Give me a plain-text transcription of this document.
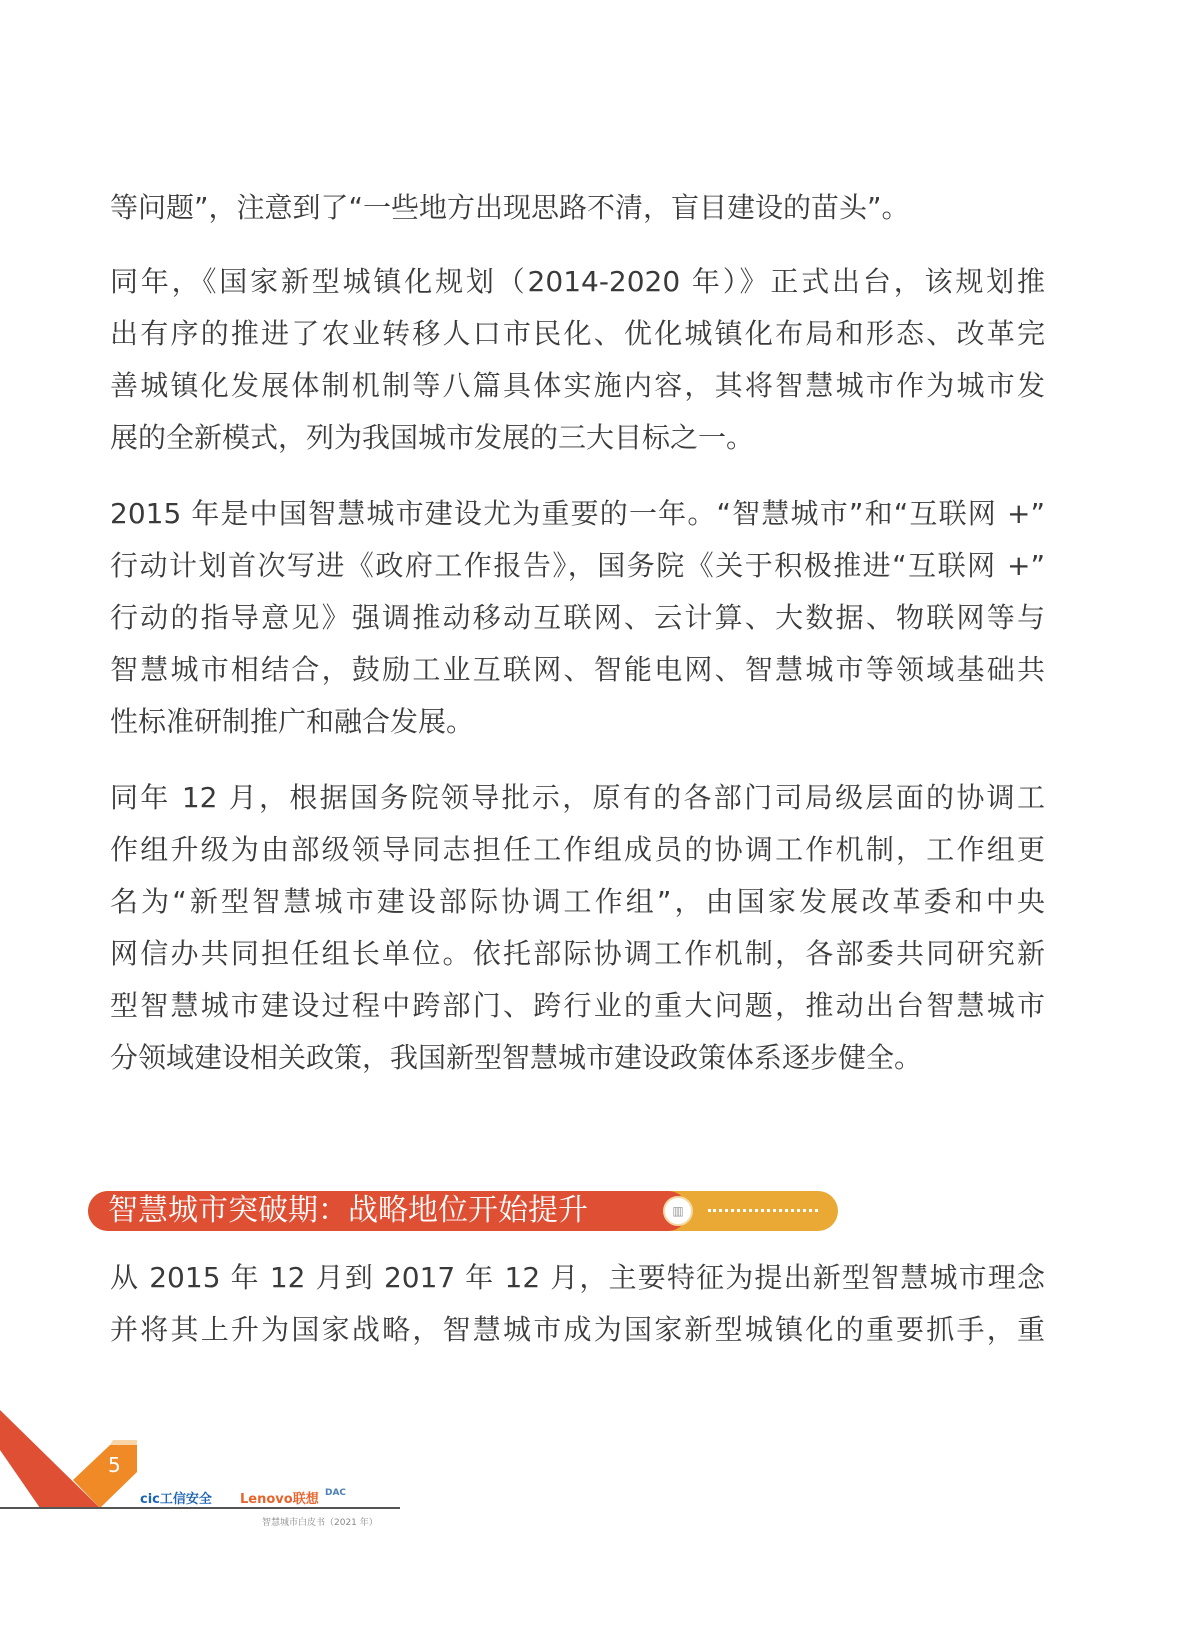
等问题”，注意到了“一些地方出现思路不清，盲目建设的苗头”。
同年，《国家新型城镇化规划（2014-2020 年）》正式出台，该规划推
出有序的推进了农业转移人口市民化、优化城镇化布局和形态、改革完
善城镇化发展体制机制等八篇具体实施内容，其将智慧城市作为城市发
展的全新模式，列为我国城市发展的三大目标之一。
2015 年是中国智慧城市建设尤为重要的一年。“智慧城市”和“互联网 +”
行动计划首次写进《政府工作报告》，国务院《关于积极推进“互联网 +”
行动的指导意见》强调推动移动互联网、云计算、大数据、物联网等与
智慧城市相结合，鼓励工业互联网、智能电网、智慧城市等领域基础共
性标准研制推广和融合发展。
同年 12 月，根据国务院领导批示，原有的各部门司局级层面的协调工
作组升级为由部级领导同志担任工作组成员的协调工作机制，工作组更
名为“新型智慧城市建设部际协调工作组”，由国家发展改革委和中央
网信办共同担任组长单位。依托部际协调工作机制，各部委共同研究新
型智慧城市建设过程中跨部门、跨行业的重大问题，推动出台智慧城市
分领域建设相关政策，我国新型智慧城市建设政策体系逐步健全。
从 2015 年 12 月到 2017 年 12 月，主要特征为提出新型智慧城市理念
并将其上升为国家战略，智慧城市成为国家新型城镇化的重要抓手，重
智慧城市突破期：战略地位开始提升	▥
5
cic工信安全 Lenovo联想 DAC
智慧城市白皮书（2021 年）
